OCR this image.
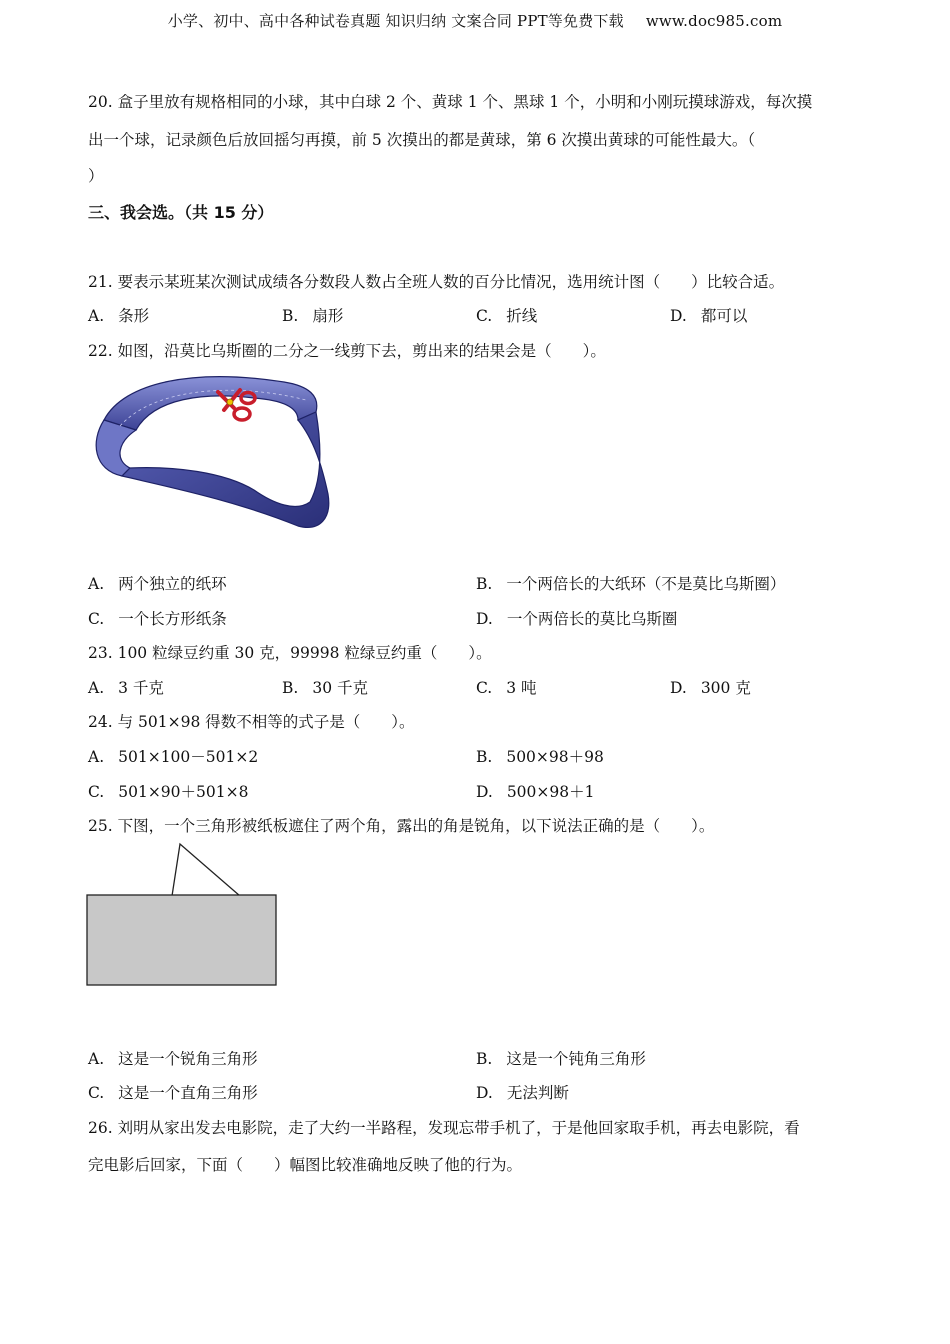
小学、初中、高中各种试卷真题 知识归纳 文案合同 PPT等免费下载 www.doc985.com
20. 盒子里放有规格相同的小球，其中白球 2 个、黄球 1 个、黑球 1 个，小明和小刚玩摸球游戏，每次摸
出一个球，记录颜色后放回摇匀再摸，前 5 次摸出的都是黄球，第 6 次摸出黄球的可能性最大。（
）
三、我会选。（共 15 分）
21. 要表示某班某次测试成绩各分数段人数占全班人数的百分比情况，选用统计图（　　）比较合适。
A. 条形	B. 扇形	C. 折线	D. 都可以
22. 如图，沿莫比乌斯圈的二分之一线剪下去，剪出来的结果会是（　　）。
A. 两个独立的纸环	B. 一个两倍长的大纸环（不是莫比乌斯圈）
C. 一个长方形纸条	D. 一个两倍长的莫比乌斯圈
23. 100 粒绿豆约重 30 克，99998 粒绿豆约重（　　）。
A. 3 千克	B. 30 千克	C. 3 吨	D. 300 克
24. 与 501×98 得数不相等的式子是（　　）。
A. 501×100－501×2	B. 500×98＋98
C. 501×90＋501×8	D. 500×98＋1
25. 下图，一个三角形被纸板遮住了两个角，露出的角是锐角，以下说法正确的是（　　）。
A. 这是一个锐角三角形	B. 这是一个钝角三角形
C. 这是一个直角三角形	D. 无法判断
26. 刘明从家出发去电影院，走了大约一半路程，发现忘带手机了，于是他回家取手机，再去电影院，看
完电影后回家，下面（　　）幅图比较准确地反映了他的行为。
